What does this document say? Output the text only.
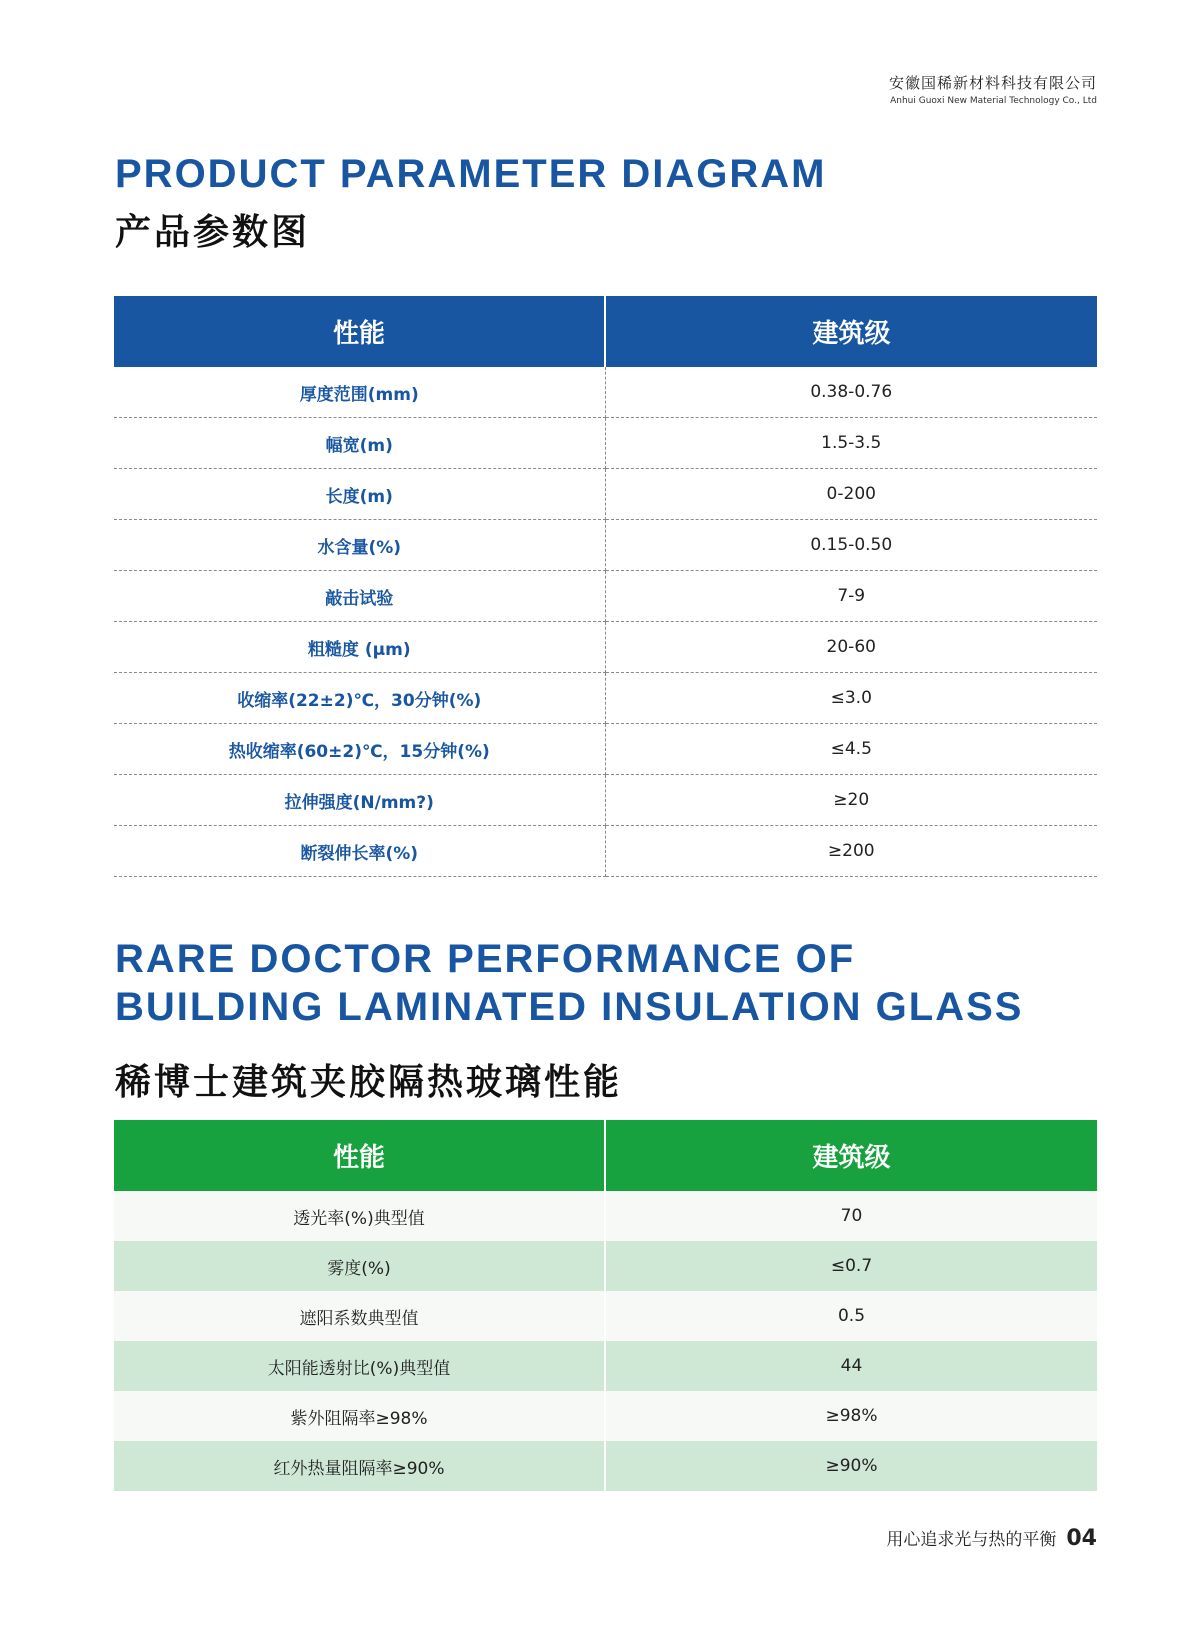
安徽国稀新材料科技有限公司
Anhui Guoxi New Material Technology Co., Ltd
PRODUCT PARAMETER DIAGRAM
产品参数图
性能	建筑级
厚度范围(mm)	0.38-0.76
幅宽(m)	1.5-3.5
长度(m)	0-200
水含量(%)	0.15-0.50
敲击试验	7-9
粗糙度 (μm)	20-60
收缩率(22±2)℃，30分钟(%)	≤3.0
热收缩率(60±2)℃，15分钟(%)	≤4.5
拉伸强度(N/mm?)	≥20
断裂伸长率(%)	≥200
RARE DOCTOR PERFORMANCE OF
BUILDING LAMINATED INSULATION GLASS
稀博士建筑夹胶隔热玻璃性能
性能	建筑级
透光率(%)典型值	70
雾度(%)	≤0.7
遮阳系数典型值	0.5
太阳能透射比(%)典型值	44
紫外阻隔率≥98%	≥98%
红外热量阻隔率≥90%	≥90%
用心追求光与热的平衡 04
